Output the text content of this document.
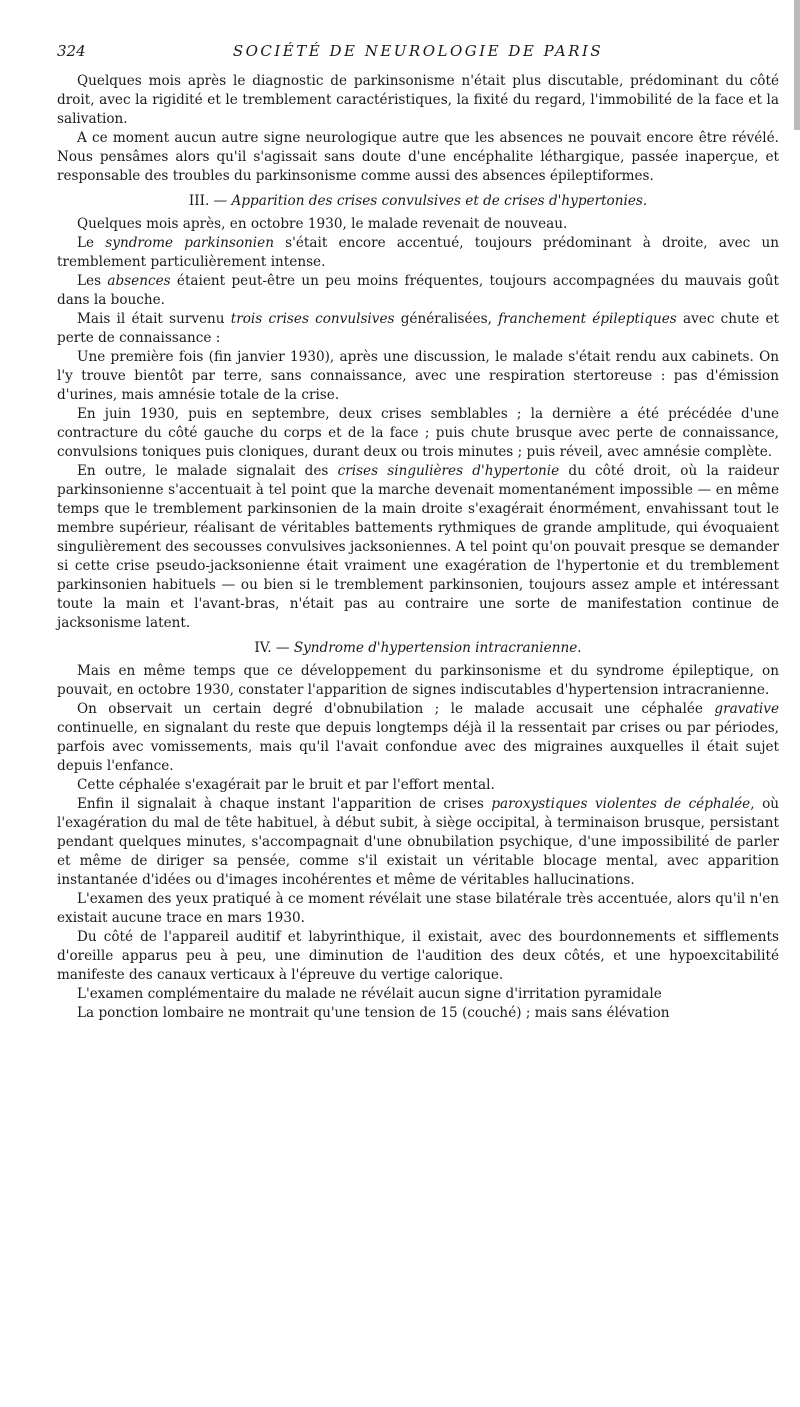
324	SOCIÉTÉ DE NEUROLOGIE DE PARIS

Quelques mois après le diagnostic de parkinsonisme n'était plus discutable, prédominant du côté droit, avec la rigidité et le tremblement caractéristiques, la fixité du regard, l'immobilité de la face et la salivation.

A ce moment aucun autre signe neurologique autre que les absences ne pouvait encore être révélé. Nous pensâmes alors qu'il s'agissait sans doute d'une encéphalite léthargique, passée inaperçue, et responsable des troubles du parkinsonisme comme aussi des absences épileptiformes.

III. — Apparition des crises convulsives et de crises d'hypertonies.

Quelques mois après, en octobre 1930, le malade revenait de nouveau.

Le syndrome parkinsonien s'était encore accentué, toujours prédominant à droite, avec un tremblement particulièrement intense.

Les absences étaient peut-être un peu moins fréquentes, toujours accompagnées du mauvais goût dans la bouche.

Mais il était survenu trois crises convulsives généralisées, franchement épileptiques avec chute et perte de connaissance :

Une première fois (fin janvier 1930), après une discussion, le malade s'était rendu aux cabinets. On l'y trouve bientôt par terre, sans connaissance, avec une respiration stertoreuse : pas d'émission d'urines, mais amnésie totale de la crise.

En juin 1930, puis en septembre, deux crises semblables ; la dernière a été précédée d'une contracture du côté gauche du corps et de la face ; puis chute brusque avec perte de connaissance, convulsions toniques puis cloniques, durant deux ou trois minutes ; puis réveil, avec amnésie complète.

En outre, le malade signalait des crises singulières d'hypertonie du côté droit, où la raideur parkinsonienne s'accentuait à tel point que la marche devenait momentanément impossible — en même temps que le tremblement parkinsonien de la main droite s'exagérait énormément, envahissant tout le membre supérieur, réalisant de véritables battements rythmiques de grande amplitude, qui évoquaient singulièrement des secousses convulsives jacksoniennes. A tel point qu'on pouvait presque se demander si cette crise pseudo-jacksonienne était vraiment une exagération de l'hypertonie et du tremblement parkinsonien habituels — ou bien si le tremblement parkinsonien, toujours assez ample et intéressant toute la main et l'avant-bras, n'était pas au contraire une sorte de manifestation continue de jacksonisme latent.

IV. — Syndrome d'hypertension intracranienne.

Mais en même temps que ce développement du parkinsonisme et du syndrome épileptique, on pouvait, en octobre 1930, constater l'apparition de signes indiscutables d'hypertension intracranienne.

On observait un certain degré d'obnubilation ; le malade accusait une céphalée gravative continuelle, en signalant du reste que depuis longtemps déjà il la ressentait par crises ou par périodes, parfois avec vomissements, mais qu'il l'avait confondue avec des migraines auxquelles il était sujet depuis l'enfance.

Cette céphalée s'exagérait par le bruit et par l'effort mental.

Enfin il signalait à chaque instant l'apparition de crises paroxystiques violentes de céphalée, où l'exagération du mal de tête habituel, à début subit, à siège occipital, à terminaison brusque, persistant pendant quelques minutes, s'accompagnait d'une obnubilation psychique, d'une impossibilité de parler et même de diriger sa pensée, comme s'il existait un véritable blocage mental, avec apparition instantanée d'idées ou d'images incohérentes et même de véritables hallucinations.

L'examen des yeux pratiqué à ce moment révélait une stase bilatérale très accentuée, alors qu'il n'en existait aucune trace en mars 1930.

Du côté de l'appareil auditif et labyrinthique, il existait, avec des bourdonnements et sifflements d'oreille apparus peu à peu, une diminution de l'audition des deux côtés, et une hypoexcitabilité manifeste des canaux verticaux à l'épreuve du vertige calorique.

L'examen complémentaire du malade ne révélait aucun signe d'irritation pyramidale

La ponction lombaire ne montrait qu'une tension de 15 (couché) ; mais sans élévation
